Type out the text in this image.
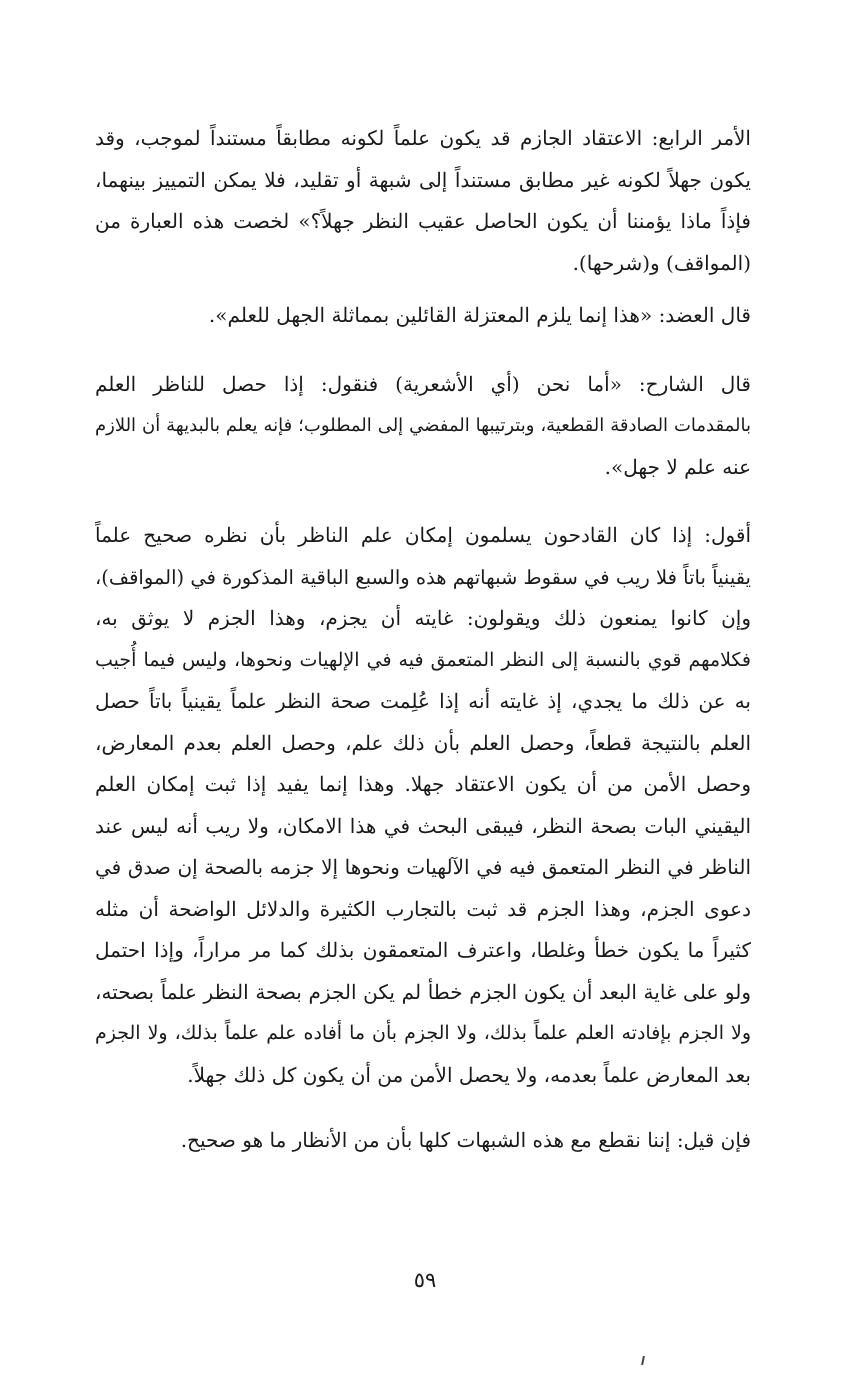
الأمر الرابع: الاعتقاد الجازم قد يكون علماً لكونه مطابقاً مستنداً لموجب، وقد
يكون جهلاً لكونه غير مطابق مستنداً إلى شبهة أو تقليد، فلا يمكن التمييز بينهما،
فإذاً ماذا يؤمننا أن يكون الحاصل عقيب النظر جهلاً؟» لخصت هذه العبارة من
(المواقف) و(شرحها).

قال العضد: «هذا إنما يلزم المعتزلة القائلين بمماثلة الجهل للعلم».

قال الشارح: «أما نحن (أي الأشعرية) فنقول: إذا حصل للناظر العلم
بالمقدمات الصادقة القطعية، وبترتيبها المفضي إلى المطلوب؛ فإنه يعلم بالبديهة أن اللازم
عنه علم لا جهل».

أقول: إذا كان القادحون يسلمون إمكان علم الناظر بأن نظره صحيح علماً
يقينياً باتاً فلا ريب في سقوط شبهاتهم هذه والسبع الباقية المذكورة في (المواقف)،
وإن كانوا يمنعون ذلك ويقولون: غايته أن يجزم، وهذا الجزم لا يوثق به،
فكلامهم قوي بالنسبة إلى النظر المتعمق فيه في الإلهيات ونحوها، وليس فيما أُجيب
به عن ذلك ما يجدي، إذ غايته أنه إذا عُلِمت صحة النظر علماً يقينياً باتاً حصل
العلم بالنتيجة قطعاً، وحصل العلم بأن ذلك علم، وحصل العلم بعدم المعارض،
وحصل الأمن من أن يكون الاعتقاد جهلا. وهذا إنما يفيد إذا ثبت إمكان العلم
اليقيني البات بصحة النظر، فيبقى البحث في هذا الامكان، ولا ريب أنه ليس عند
الناظر في النظر المتعمق فيه في الآلهيات ونحوها إلا جزمه بالصحة إن صدق في
دعوى الجزم، وهذا الجزم قد ثبت بالتجارب الكثيرة والدلائل الواضحة أن مثله
كثيراً ما يكون خطأ وغلطا، واعترف المتعمقون بذلك كما مر مراراً، وإذا احتمل
ولو على غاية البعد أن يكون الجزم خطأ لم يكن الجزم بصحة النظر علماً بصحته،
ولا الجزم بإفادته العلم علماً بذلك، ولا الجزم بأن ما أفاده علم علماً بذلك، ولا الجزم
بعد المعارض علماً بعدمه، ولا يحصل الأمن من أن يكون كل ذلك جهلاً.

فإن قيل: إننا نقطع مع هذه الشبهات كلها بأن من الأنظار ما هو صحيح.

٥٩
